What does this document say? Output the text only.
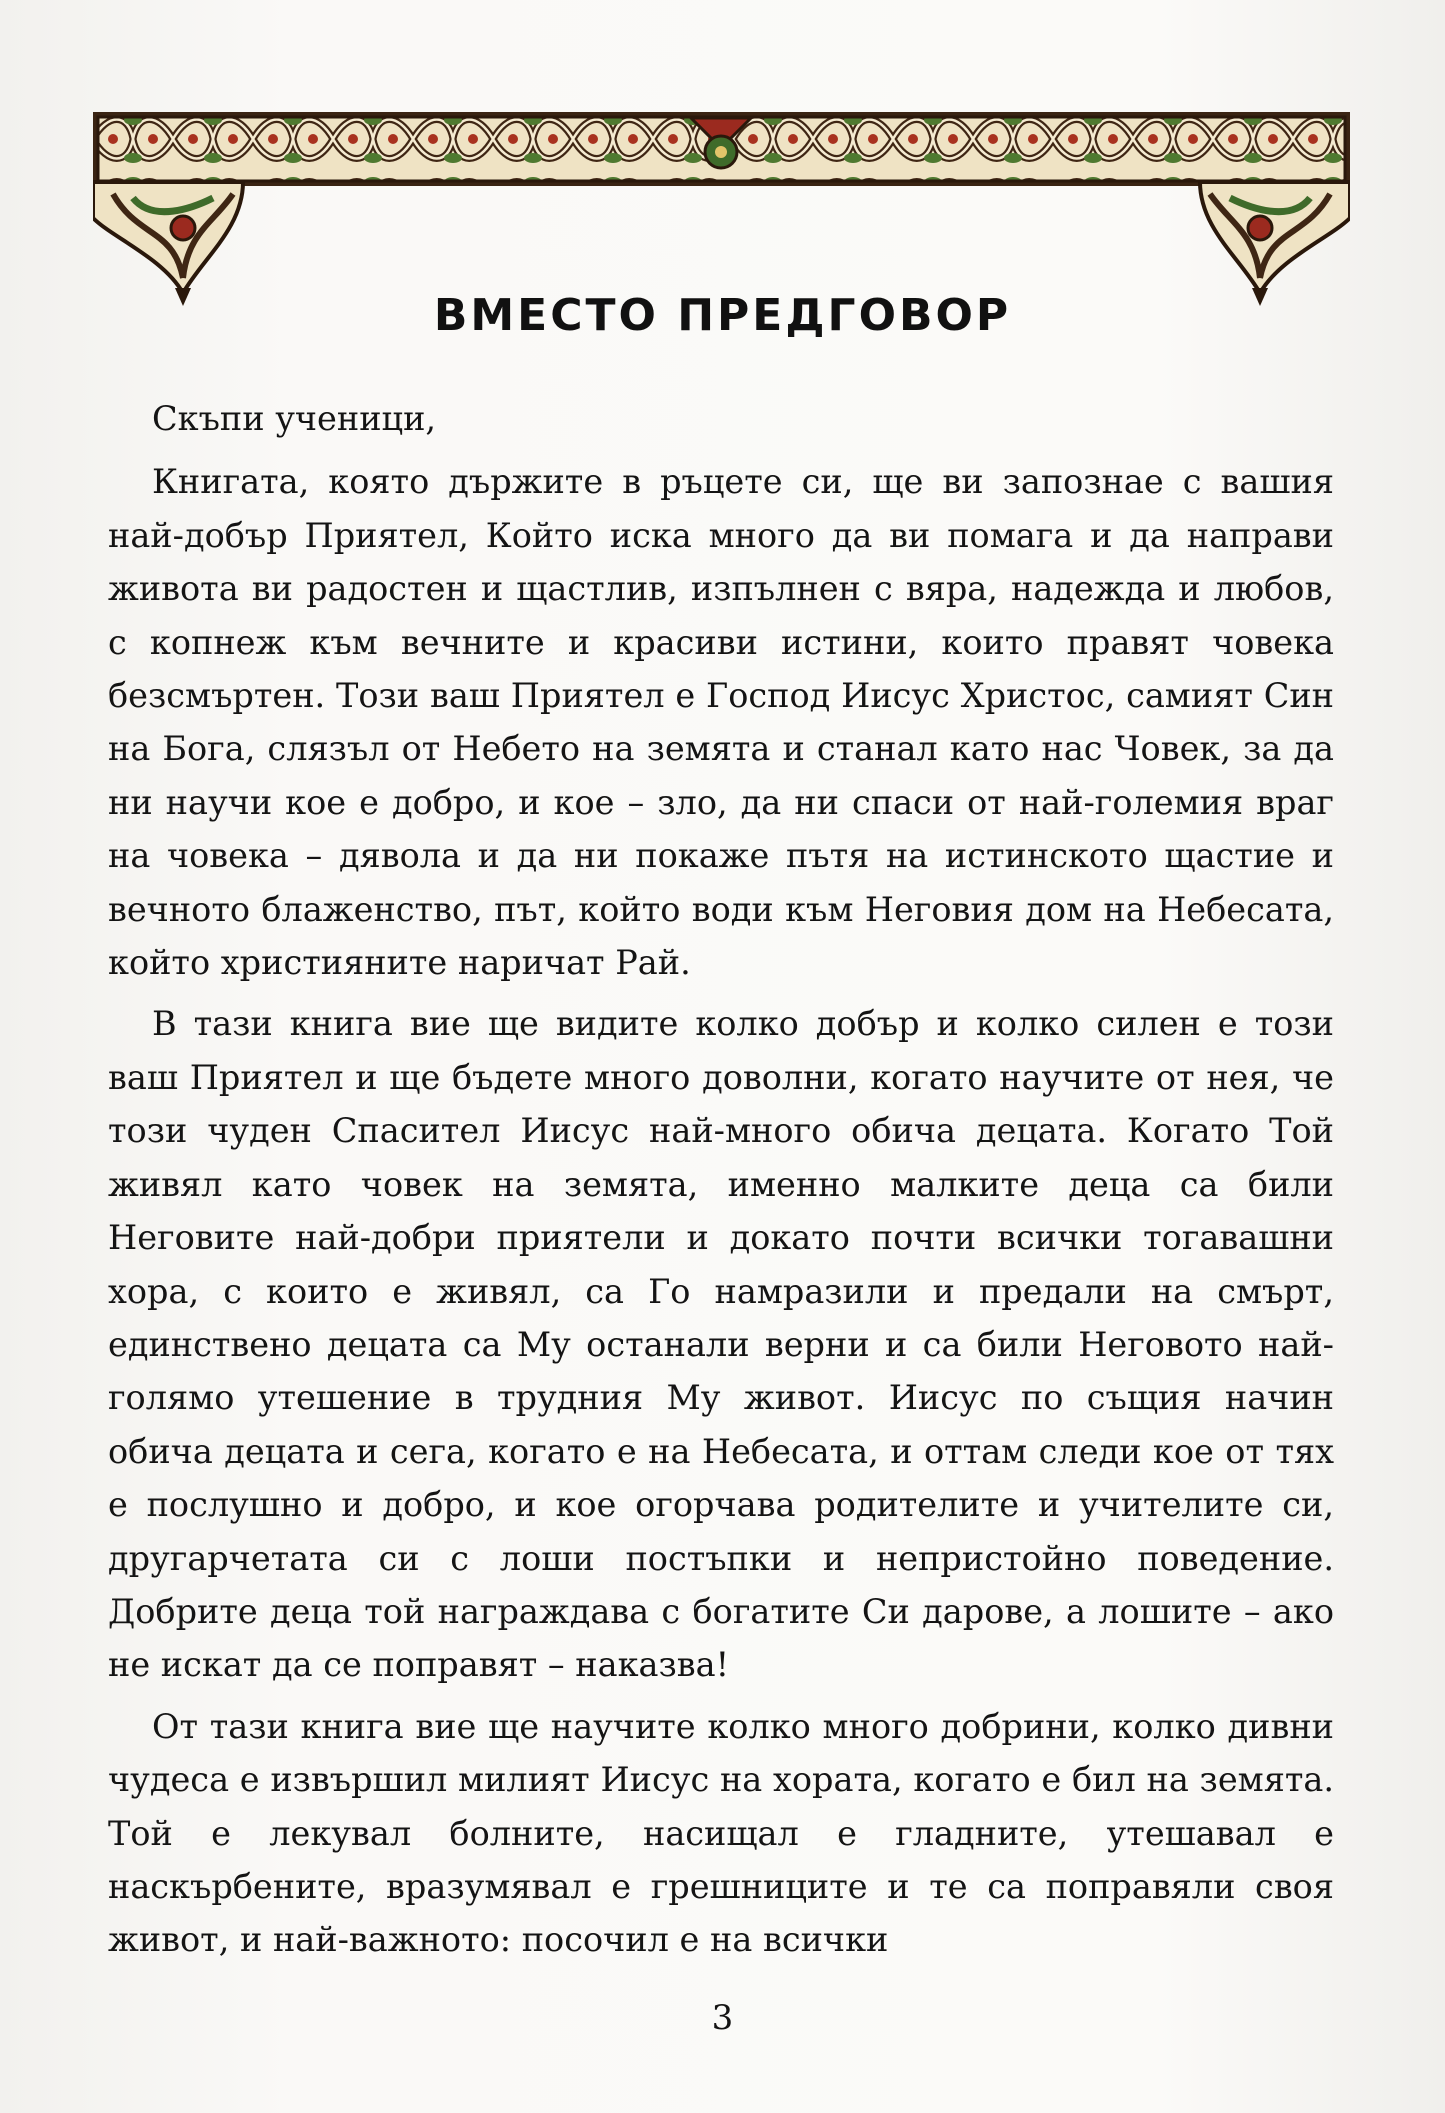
ВМЕСТО ПРЕДГОВОР

Скъпи ученици,

Книгата, която държите в ръцете си, ще ви запознае с вашия най-добър Приятел, Който иска много да ви помага и да направи живота ви радостен и щастлив, изпълнен с вяра, надежда и любов, с копнеж към вечните и красиви истини, които правят човека безсмъртен. Този ваш Приятел е Господ Иисус Христос, самият Син на Бога, слязъл от Небето на земята и станал като нас Човек, за да ни научи кое е добро, и кое – зло, да ни спаси от най-големия враг на човека – дявола и да ни покаже пътя на истинското щастие и вечното блаженство, път, който води към Неговия дом на Небесата, който християните наричат Рай.

В тази книга вие ще видите колко добър и колко силен е този ваш Приятел и ще бъдете много доволни, когато научите от нея, че този чуден Спасител Иисус най-много обича децата. Когато Той живял като човек на земята, именно малките деца са били Неговите най-добри приятели и докато почти всички тогавашни хора, с които е живял, са Го намразили и предали на смърт, единствено децата са Му останали верни и са били Неговото най-голямо утешение в трудния Му живот. Иисус по същия начин обича децата и сега, когато е на Небесата, и оттам следи кое от тях е послушно и добро, и кое огорчава родителите и учителите си, другарчетата си с лоши постъпки и непристойно поведение. Добрите деца той награждава с богатите Си дарове, а лошите – ако не искат да се поправят – наказва!

От тази книга вие ще научите колко много добрини, колко дивни чудеса е извършил милият Иисус на хората, когато е бил на земята. Той е лекувал болните, насищал е гладните, утешавал е наскърбените, вразумявал е грешниците и те са поправяли своя живот, и най-важното: посочил е на всички

3
